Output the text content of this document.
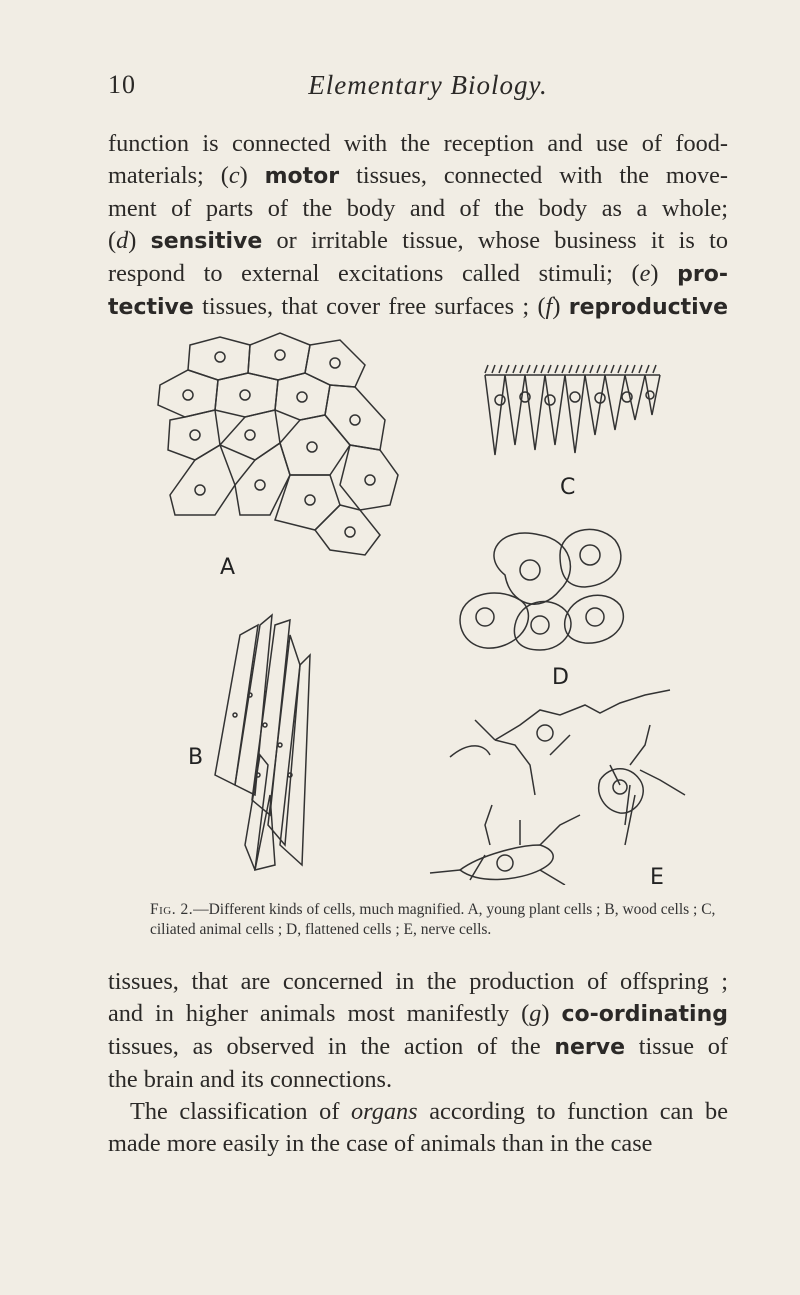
10	Elementary Biology.
function is connected with the reception and use of food-
materials; (c) motor tissues, connected with the move-
ment of parts of the body and of the body as a whole;
(d) sensitive or irritable tissue, whose business it is to
respond to external excitations called stimuli; (e) pro-
tective tissues, that cover free surfaces ; (f) reproductive
A
B
C
D
E
Fig. 2.—Different kinds of cells, much magnified. A, young plant cells ; B, wood cells ; C, ciliated animal cells ; D, flattened cells ; E, nerve cells.
tissues, that are concerned in the production of offspring ;
and in higher animals most manifestly (g) co-ordinating
tissues, as observed in the action of the nerve tissue of
the brain and its connections.
The classification of organs according to function can be
made more easily in the case of animals than in the case
